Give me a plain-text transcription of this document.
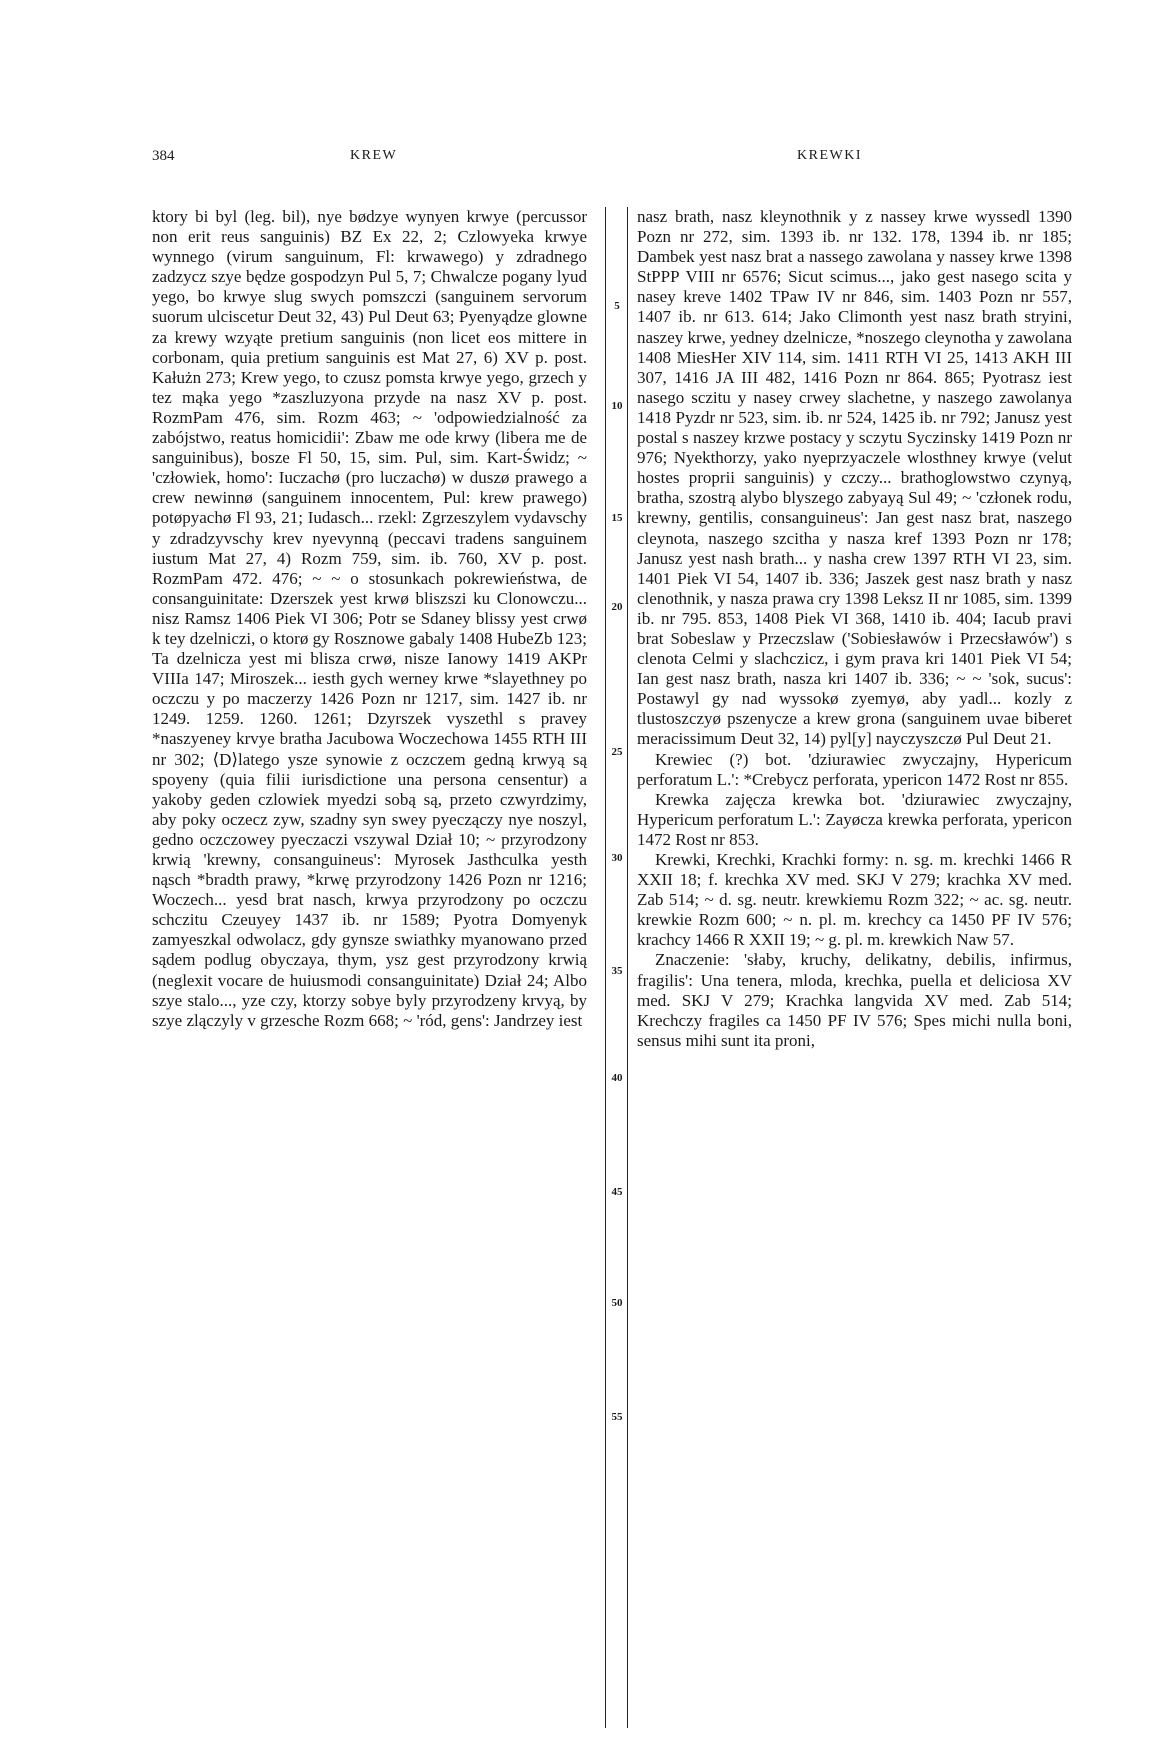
384	KREW	KREWKI

ktory bi byl (leg. bil), nye bødzye wynyen krwye (percussor non erit reus sanguinis) BZ Ex 22, 2; Czlowyeka krwye wynnego (virum sanguinum, Fl: krwawego) y zdradnego zadzycz szye będze gospodzyn Pul 5, 7; Chwalcze pogany lyud yego, bo krwye slug swych pomszczi (sanguinem servorum suorum ulciscetur Deut 32, 43) Pul Deut 63; Pyenyądze glowne za krewy wzyąte pretium sanguinis (non licet eos mittere in corbonam, quia pretium sanguinis est Mat 27, 6) XV p. post. Kałużn 273; Krew yego, to czusz pomsta krwye yego, grzech y tez mąka yego *zaszluzyona przyde na nasz XV p. post. RozmPam 476, sim. Rozm 463; ~ 'odpowiedzialność za zabójstwo, reatus homicidii': Zbaw me ode krwy (libera me de sanguinibus), bosze Fl 50, 15, sim. Pul, sim. Kart-Świdz; ~ 'człowiek, homo': Iuczachø (pro luczachø) w duszø prawego a crew newinnø (sanguinem innocentem, Pul: krew prawego) potøpyachø Fl 93, 21; Iudasch... rzekl: Zgrzeszylem vydavschy y zdradzyvschy krev nyevynną (peccavi tradens sanguinem iustum Mat 27, 4) Rozm 759, sim. ib. 760, XV p. post. RozmPam 472. 476; ~ ~ o stosunkach pokrewieństwa, de consanguinitate: Dzerszek yest krwø bliszszi ku Clonowczu... nisz Ramsz 1406 Piek VI 306; Potr se Sdaney blissy yest crwø k tey dzelniczi, o ktorø gy Rosznowe gabaly 1408 HubeZb 123; Ta dzelnicza yest mi blisza crwø, nisze Ianowy 1419 AKPr VIIIa 147; Miroszek... iesth gych werney krwe *slayethney po oczczu y po maczerzy 1426 Pozn nr 1217, sim. 1427 ib. nr 1249. 1259. 1260. 1261; Dzyrszek vyszethl s pravey *naszyeney krvye bratha Jacubowa Woczechowa 1455 RTH III nr 302; ⟨D⟩latego ysze synowie z oczczem gedną krwyą są spoyeny (quia filii iurisdictione una persona censentur) a yakoby geden czlowiek myedzi sobą są, przeto czwyrdzimy, aby poky oczecz zyw, szadny syn swey pyeczączy nye noszyl, gedno oczczowey pyeczaczi vszywal Dział 10; ~ przyrodzony krwią 'krewny, consanguineus': Myrosek Jasthculka yesth nąsch *bradth prawy, *krwę przyrodzony 1426 Pozn nr 1216; Woczech... yesd brat nasch, krwya przyrodzony po oczczu schczitu Czeuyey 1437 ib. nr 1589; Pyotra Domyenyk zamyeszkal odwolacz, gdy gynsze swiathky myanowano przed sądem podlug obyczaya, thym, ysz gest przyrodzony krwią (neglexit vocare de huiusmodi consanguinitate) Dział 24; Albo szye stalo..., yze czy, ktorzy sobye byly przyrodzeny krvyą, by szye zlączyly v grzesche Rozm 668; ~ 'ród, gens': Jandrzey iest

5
10
15
20
25
30
35
40
45
50
55

nasz brath, nasz kleynothnik y z nassey krwe wyssedl 1390 Pozn nr 272, sim. 1393 ib. nr 132. 178, 1394 ib. nr 185; Dambek yest nasz brat a nassego zawolana y nassey krwe 1398 StPPP VIII nr 6576; Sicut scimus..., jako gest nasego scita y nasey kreve 1402 TPaw IV nr 846, sim. 1403 Pozn nr 557, 1407 ib. nr 613. 614; Jako Climonth yest nasz brath stryini, naszey krwe, yedney dzelnicze, *noszego cleynotha y zawolana 1408 MiesHer XIV 114, sim. 1411 RTH VI 25, 1413 AKH III 307, 1416 JA III 482, 1416 Pozn nr 864. 865; Pyotrasz iest nasego sczitu y nasey crwey slachetne, y naszego zawolanya 1418 Pyzdr nr 523, sim. ib. nr 524, 1425 ib. nr 792; Janusz yest postal s naszey krzwe postacy y sczytu Syczinsky 1419 Pozn nr 976; Nyekthorzy, yako nyeprzyaczele wlosthney krwye (velut hostes proprii sanguinis) y czczy... brathoglowstwo czynyą, bratha, szostrą alybo blyszego zabyayą Sul 49; ~ 'członek rodu, krewny, gentilis, consanguineus': Jan gest nasz brat, naszego cleynota, naszego szcitha y nasza kref 1393 Pozn nr 178; Janusz yest nash brath... y nasha crew 1397 RTH VI 23, sim. 1401 Piek VI 54, 1407 ib. 336; Jaszek gest nasz brath y nasz clenothnik, y nasza prawa cry 1398 Leksz II nr 1085, sim. 1399 ib. nr 795. 853, 1408 Piek VI 368, 1410 ib. 404; Iacub pravi brat Sobeslaw y Przeczslaw ('Sobiesławów i Przecsławów') s clenota Celmi y slachczicz, i gym prava kri 1401 Piek VI 54; Ian gest nasz brath, nasza kri 1407 ib. 336; ~ ~ 'sok, sucus': Postawyl gy nad wyssokø zyemyø, aby yadl... kozly z tlustoszczyø pszenycze a krew grona (sanguinem uvae biberet meracissimum Deut 32, 14) pyl[y] nayczyszczø Pul Deut 21.

Krewiec (?) bot. 'dziurawiec zwyczajny, Hypericum perforatum L.': *Crebycz perforata, ypericon 1472 Rost nr 855.

Krewka zajęcza krewka bot. 'dziurawiec zwyczajny, Hypericum perforatum L.': Zayøcza krewka perforata, ypericon 1472 Rost nr 853.

Krewki, Krechki, Krachki formy: n. sg. m. krechki 1466 R XXII 18; f. krechka XV med. SKJ V 279; krachka XV med. Zab 514; ~ d. sg. neutr. krewkiemu Rozm 322; ~ ac. sg. neutr. krewkie Rozm 600; ~ n. pl. m. krechcy ca 1450 PF IV 576; krachcy 1466 R XXII 19; ~ g. pl. m. krewkich Naw 57.

Znaczenie: 'słaby, kruchy, delikatny, debilis, infirmus, fragilis': Una tenera, mloda, krechka, puella et deliciosa XV med. SKJ V 279; Krachka langvida XV med. Zab 514; Krechczy fragiles ca 1450 PF IV 576; Spes michi nulla boni, sensus mihi sunt ita proni,
